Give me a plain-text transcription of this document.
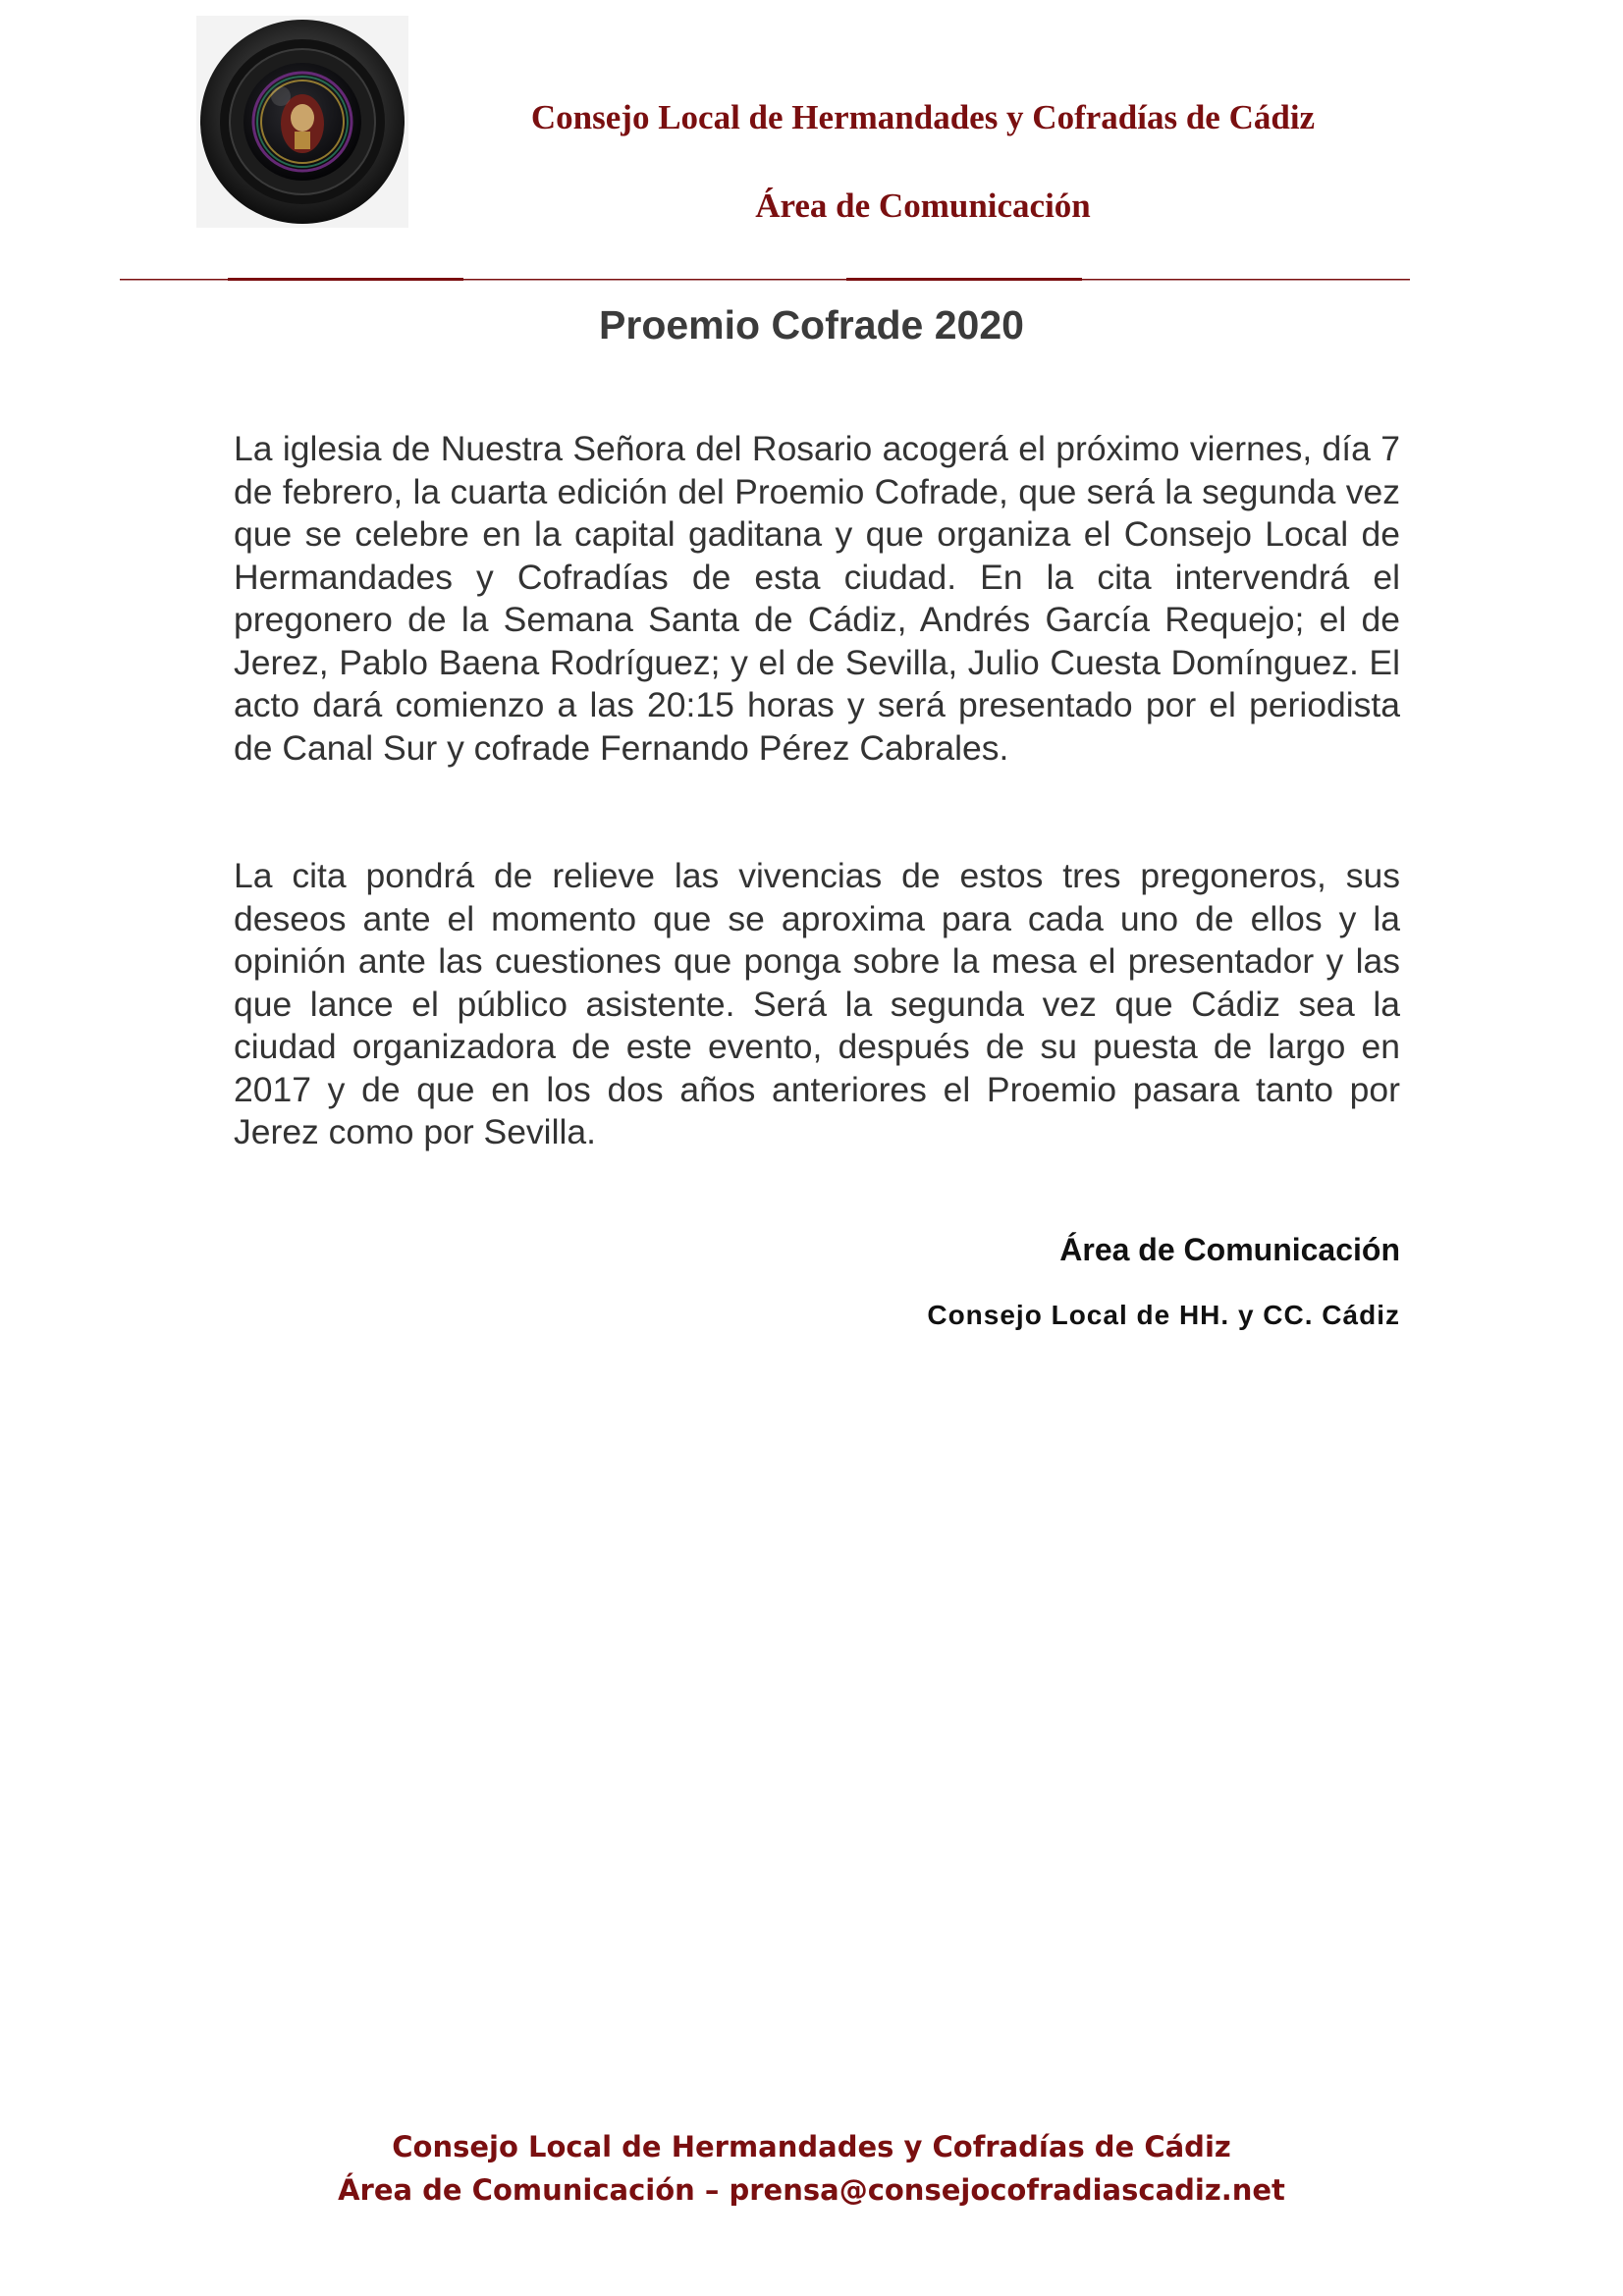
Consejo Local de Hermandades y Cofradías de Cádiz
Área de Comunicación
Proemio Cofrade 2020

La iglesia de Nuestra Señora del Rosario acogerá el próximo viernes, día 7 de febrero, la cuarta edición del Proemio Cofrade, que será la segunda vez que se celebre en la capital gaditana y que organiza el Consejo Local de Hermandades y Cofradías de esta ciudad. En la cita intervendrá el pregonero de la Semana Santa de Cádiz, Andrés García Requejo; el de Jerez, Pablo Baena Rodríguez; y el de Sevilla, Julio Cuesta Domínguez. El acto dará comienzo a las 20:15 horas y será presentado por el periodista de Canal Sur y cofrade Fernando Pérez Cabrales.

La cita pondrá de relieve las vivencias de estos tres pregoneros, sus deseos ante el momento que se aproxima para cada uno de ellos y la opinión ante las cuestiones que ponga sobre la mesa el presentador y las que lance el público asistente. Será la segunda vez que Cádiz sea la ciudad organizadora de este evento, después de su puesta de largo en 2017 y de que en los dos años anteriores el Proemio pasara tanto por Jerez como por Sevilla.

Área de Comunicación
Consejo Local de HH. y CC. Cádiz
Consejo Local de Hermandades y Cofradías de Cádiz
Área de Comunicación – prensa@consejocofradiascadiz.net
